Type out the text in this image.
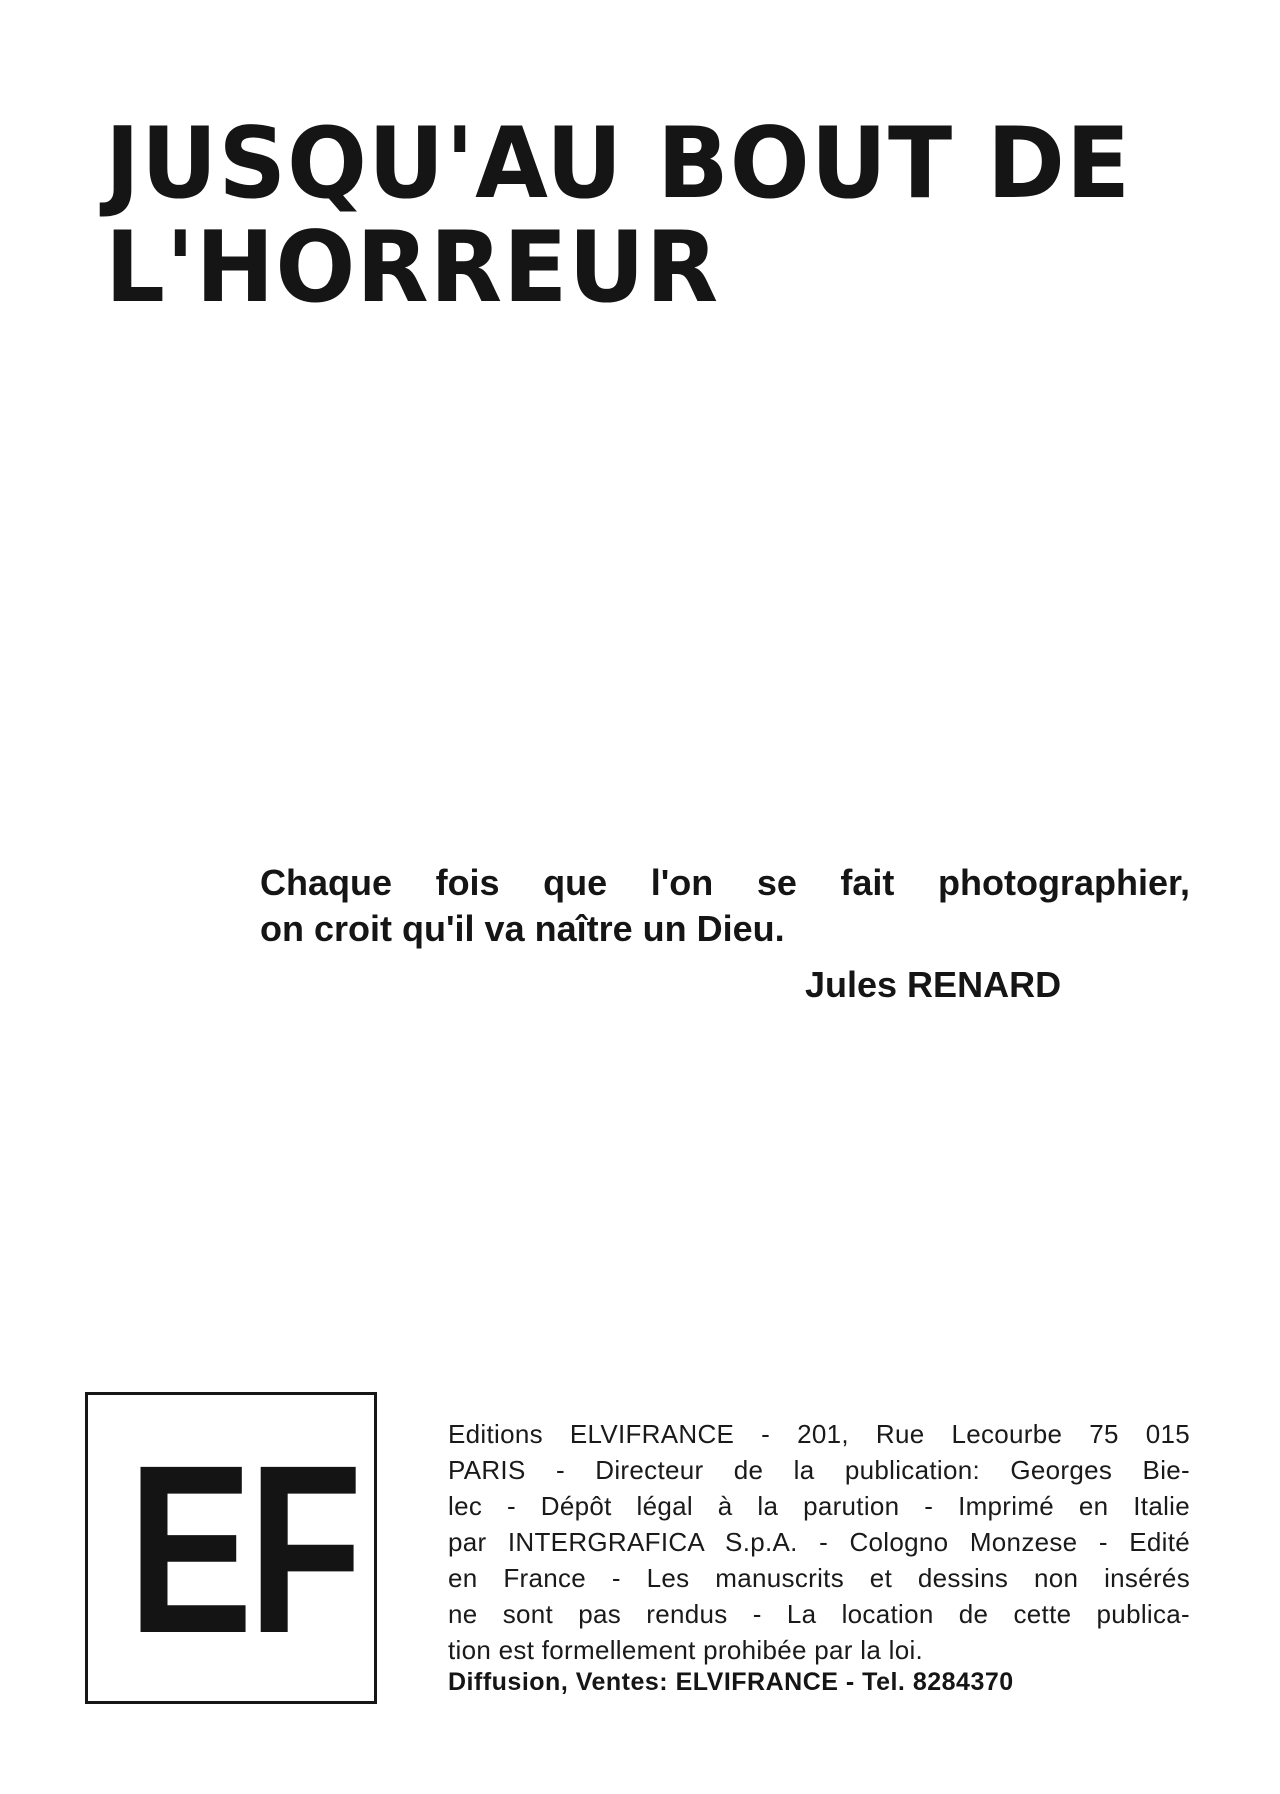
JUSQU'AU BOUT DE
L'HORREUR
Chaque fois que l'on se fait photographier,
on croit qu'il va naître un Dieu.
Jules RENARD
EF	Editions ELVIFRANCE - 201, Rue Lecourbe 75 015
PARIS - Directeur de la publication: Georges Bie-
lec - Dépôt légal à la parution - Imprimé en Italie
par INTERGRAFICA S.p.A. - Cologno Monzese - Edité
en France - Les manuscrits et dessins non insérés
ne sont pas rendus - La location de cette publica-
tion est formellement prohibée par la loi.
Diffusion, Ventes: ELVIFRANCE - Tel. 8284370
